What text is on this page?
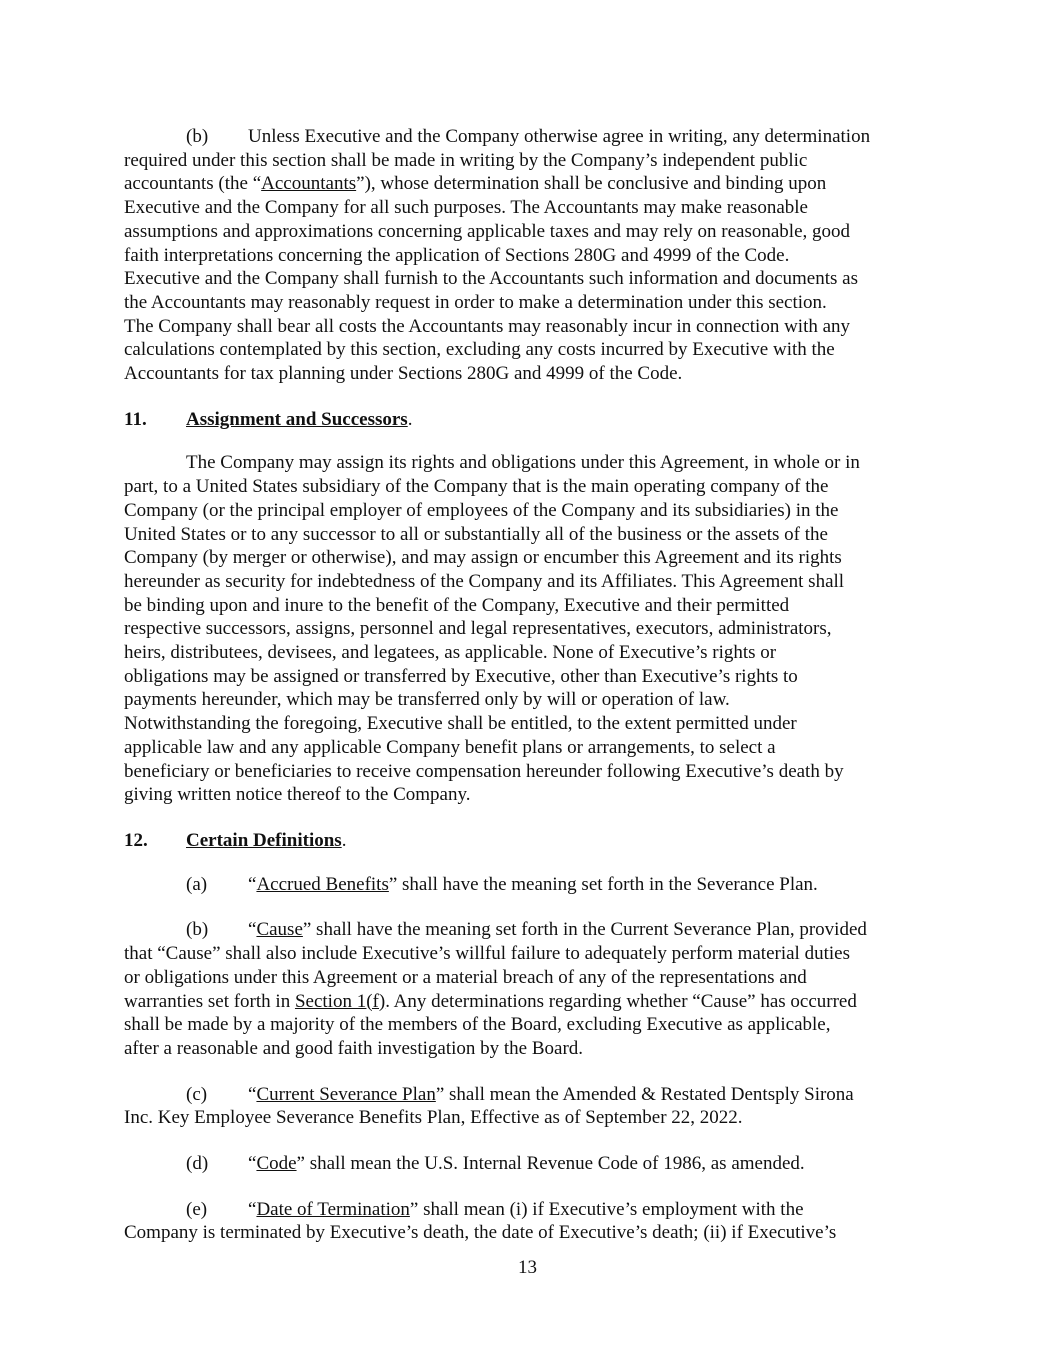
(b) Unless Executive and the Company otherwise agree in writing, any determination
required under this section shall be made in writing by the Company’s independent public
accountants (the “Accountants”), whose determination shall be conclusive and binding upon
Executive and the Company for all such purposes. The Accountants may make reasonable
assumptions and approximations concerning applicable taxes and may rely on reasonable, good
faith interpretations concerning the application of Sections 280G and 4999 of the Code.
Executive and the Company shall furnish to the Accountants such information and documents as
the Accountants may reasonably request in order to make a determination under this section.
The Company shall bear all costs the Accountants may reasonably incur in connection with any
calculations contemplated by this section, excluding any costs incurred by Executive with the
Accountants for tax planning under Sections 280G and 4999 of the Code.
11. Assignment and Successors.
The Company may assign its rights and obligations under this Agreement, in whole or in
part, to a United States subsidiary of the Company that is the main operating company of the
Company (or the principal employer of employees of the Company and its subsidiaries) in the
United States or to any successor to all or substantially all of the business or the assets of the
Company (by merger or otherwise), and may assign or encumber this Agreement and its rights
hereunder as security for indebtedness of the Company and its Affiliates. This Agreement shall
be binding upon and inure to the benefit of the Company, Executive and their permitted
respective successors, assigns, personnel and legal representatives, executors, administrators,
heirs, distributees, devisees, and legatees, as applicable. None of Executive’s rights or
obligations may be assigned or transferred by Executive, other than Executive’s rights to
payments hereunder, which may be transferred only by will or operation of law.
Notwithstanding the foregoing, Executive shall be entitled, to the extent permitted under
applicable law and any applicable Company benefit plans or arrangements, to select a
beneficiary or beneficiaries to receive compensation hereunder following Executive’s death by
giving written notice thereof to the Company.
12. Certain Definitions.
(a) “Accrued Benefits” shall have the meaning set forth in the Severance Plan.
(b) “Cause” shall have the meaning set forth in the Current Severance Plan, provided
that “Cause” shall also include Executive’s willful failure to adequately perform material duties
or obligations under this Agreement or a material breach of any of the representations and
warranties set forth in Section 1(f). Any determinations regarding whether “Cause” has occurred
shall be made by a majority of the members of the Board, excluding Executive as applicable,
after a reasonable and good faith investigation by the Board.
(c) “Current Severance Plan” shall mean the Amended & Restated Dentsply Sirona
Inc. Key Employee Severance Benefits Plan, Effective as of September 22, 2022.
(d) “Code” shall mean the U.S. Internal Revenue Code of 1986, as amended.
(e) “Date of Termination” shall mean (i) if Executive’s employment with the
Company is terminated by Executive’s death, the date of Executive’s death; (ii) if Executive’s
13
